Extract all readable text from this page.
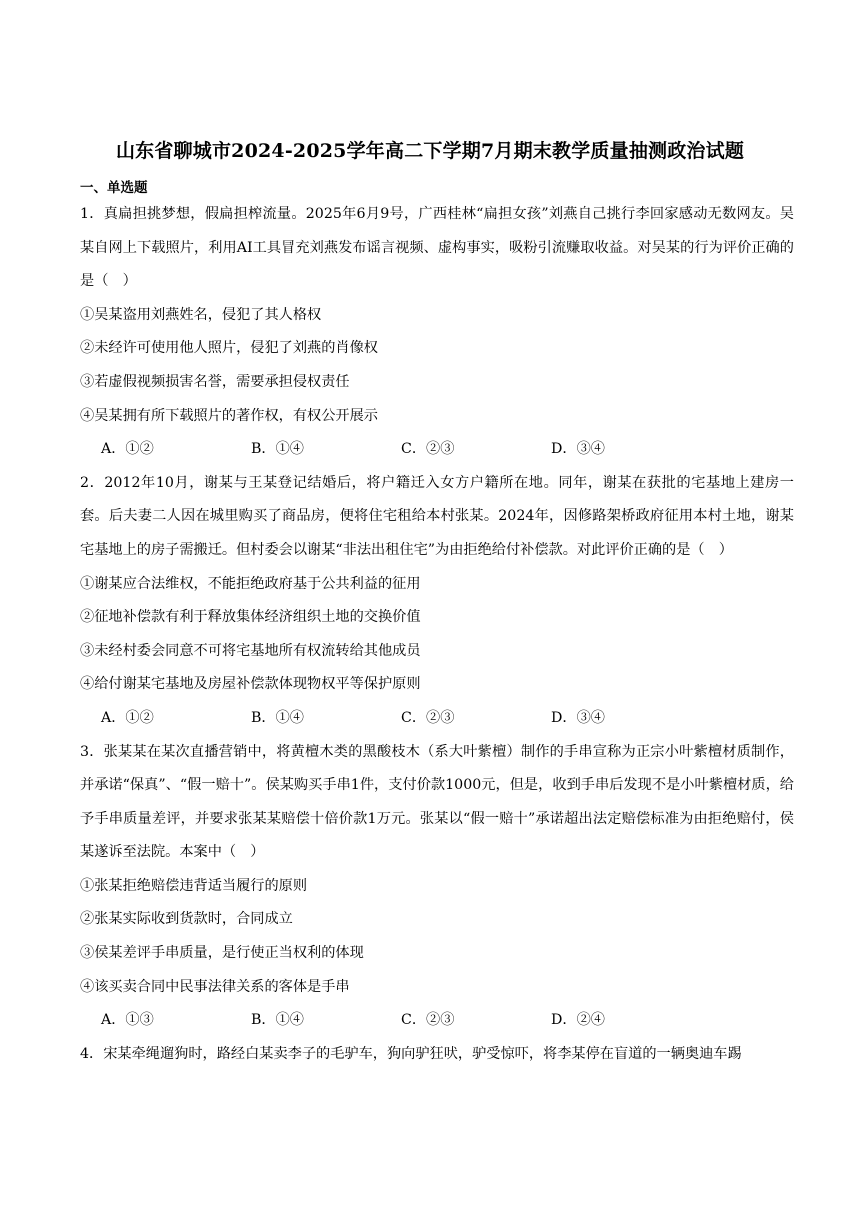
山东省聊城市2024-2025学年高二下学期7月期末教学质量抽测政治试题
一、单选题

1．真扁担挑梦想，假扁担榨流量。2025年6月9号，广西桂林“扁担女孩”刘燕自己挑行李回家感动无数网友。吴某自网上下载照片，利用AI工具冒充刘燕发布谣言视频、虚构事实，吸粉引流赚取收益。对吴某的行为评价正确的是（　）

①吴某盗用刘燕姓名，侵犯了其人格权

②未经许可使用他人照片，侵犯了刘燕的肖像权

③若虚假视频损害名誉，需要承担侵权责任

④吴某拥有所下载照片的著作权，有权公开展示

A．①②	B．①④	C．②③	D．③④

2．2012年10月，谢某与王某登记结婚后，将户籍迁入女方户籍所在地。同年，谢某在获批的宅基地上建房一套。后夫妻二人因在城里购买了商品房，便将住宅租给本村张某。2024年，因修路架桥政府征用本村土地，谢某宅基地上的房子需搬迁。但村委会以谢某“非法出租住宅”为由拒绝给付补偿款。对此评价正确的是（　）

①谢某应合法维权，不能拒绝政府基于公共利益的征用

②征地补偿款有利于释放集体经济组织土地的交换价值

③未经村委会同意不可将宅基地所有权流转给其他成员

④给付谢某宅基地及房屋补偿款体现物权平等保护原则

A．①②	B．①④	C．②③	D．③④

3．张某某在某次直播营销中，将黄檀木类的黑酸枝木（系大叶紫檀）制作的手串宣称为正宗小叶紫檀材质制作，并承诺“保真”、“假一赔十”。侯某购买手串1件，支付价款1000元，但是，收到手串后发现不是小叶紫檀材质，给予手串质量差评，并要求张某某赔偿十倍价款1万元。张某以“假一赔十”承诺超出法定赔偿标准为由拒绝赔付，侯某遂诉至法院。本案中（　）

①张某拒绝赔偿违背适当履行的原则

②张某实际收到货款时，合同成立

③侯某差评手串质量，是行使正当权利的体现

④该买卖合同中民事法律关系的客体是手串

A．①③	B．①④	C．②③	D．②④

4．宋某牵绳遛狗时，路经白某卖李子的毛驴车，狗向驴狂吠，驴受惊吓，将李某停在盲道的一辆奥迪车踢
